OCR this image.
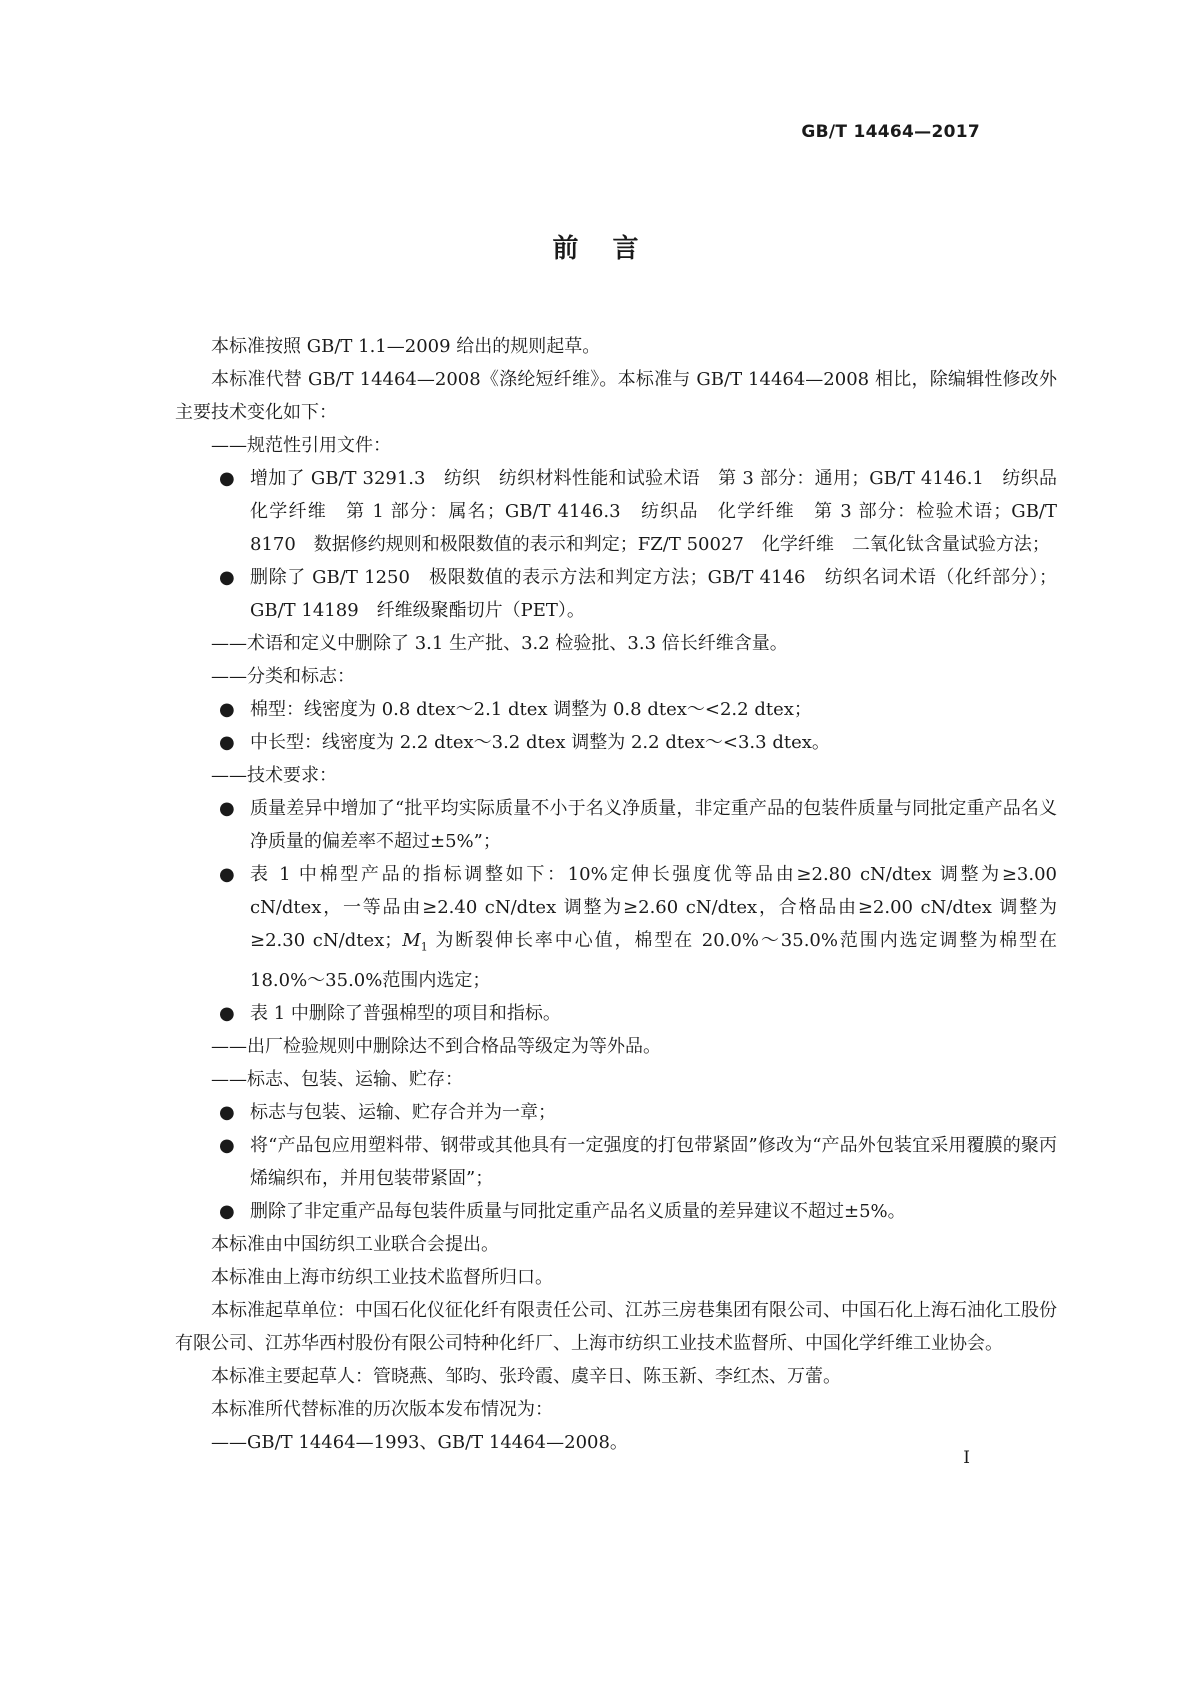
GB/T 14464—2017
前言

本标准按照 GB/T 1.1—2009 给出的规则起草。

本标准代替 GB/T 14464—2008《涤纶短纤维》。本标准与 GB/T 14464—2008 相比，除编辑性修改外主要技术变化如下：

——规范性引用文件：

● 增加了 GB/T 3291.3　纺织　纺织材料性能和试验术语　第 3 部分：通用；GB/T 4146.1　纺织品　化学纤维　第 1 部分：属名；GB/T 4146.3　纺织品　化学纤维　第 3 部分：检验术语；GB/T 8170　数据修约规则和极限数值的表示和判定；FZ/T 50027　化学纤维　二氧化钛含量试验方法；
● 删除了 GB/T 1250　极限数值的表示方法和判定方法；GB/T 4146　纺织名词术语（化纤部分）；GB/T 14189　纤维级聚酯切片（PET）。

——术语和定义中删除了 3.1 生产批、3.2 检验批、3.3 倍长纤维含量。

——分类和标志：

● 棉型：线密度为 0.8 dtex～2.1 dtex 调整为 0.8 dtex～<2.2 dtex；
● 中长型：线密度为 2.2 dtex～3.2 dtex 调整为 2.2 dtex～<3.3 dtex。

——技术要求：

● 质量差异中增加了“批平均实际质量不小于名义净质量，非定重产品的包装件质量与同批定重产品名义净质量的偏差率不超过±5%”；
● 表 1 中棉型产品的指标调整如下：10%定伸长强度优等品由≥2.80 cN/dtex 调整为≥3.00 cN/dtex，一等品由≥2.40 cN/dtex 调整为≥2.60 cN/dtex，合格品由≥2.00 cN/dtex 调整为≥2.30 cN/dtex；$M_1$ 为断裂伸长率中心值，棉型在 20.0%～35.0%范围内选定调整为棉型在 18.0%～35.0%范围内选定；
● 表 1 中删除了普强棉型的项目和指标。

——出厂检验规则中删除达不到合格品等级定为等外品。

——标志、包装、运输、贮存：

● 标志与包装、运输、贮存合并为一章；
● 将“产品包应用塑料带、钢带或其他具有一定强度的打包带紧固”修改为“产品外包装宜采用覆膜的聚丙烯编织布，并用包装带紧固”；
● 删除了非定重产品每包装件质量与同批定重产品名义质量的差异建议不超过±5%。

本标准由中国纺织工业联合会提出。

本标准由上海市纺织工业技术监督所归口。

本标准起草单位：中国石化仪征化纤有限责任公司、江苏三房巷集团有限公司、中国石化上海石油化工股份有限公司、江苏华西村股份有限公司特种化纤厂、上海市纺织工业技术监督所、中国化学纤维工业协会。

本标准主要起草人：管晓燕、邹昀、张玲霞、虞辛日、陈玉新、李红杰、万蕾。

本标准所代替标准的历次版本发布情况为：

——GB/T 14464—1993、GB/T 14464—2008。

I
